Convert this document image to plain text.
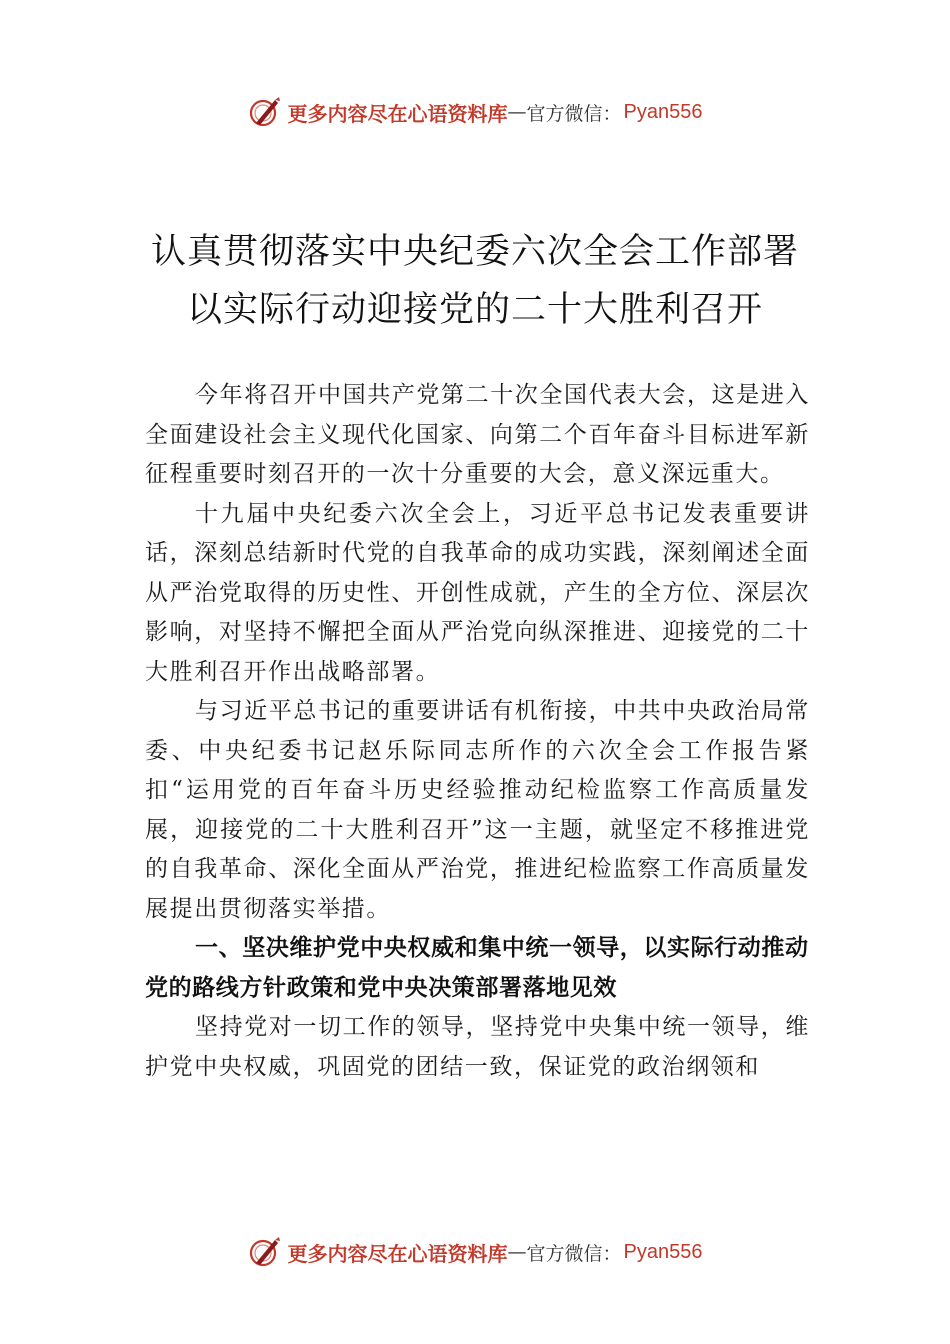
更多内容尽在心语资料库 — 官方微信： Pyan556
认真贯彻落实中央纪委六次全会工作部署
以实际行动迎接党的二十大胜利召开

今年将召开中国共产党第二十次全国代表大会，这是进入全面建设社会主义现代化国家、向第二个百年奋斗目标进军新征程重要时刻召开的一次十分重要的大会，意义深远重大。

十九届中央纪委六次全会上，习近平总书记发表重要讲话，深刻总结新时代党的自我革命的成功实践，深刻阐述全面从严治党取得的历史性、开创性成就，产生的全方位、深层次影响，对坚持不懈把全面从严治党向纵深推进、迎接党的二十大胜利召开作出战略部署。

与习近平总书记的重要讲话有机衔接，中共中央政治局常委、中央纪委书记赵乐际同志所作的六次全会工作报告紧扣“运用党的百年奋斗历史经验推动纪检监察工作高质量发展，迎接党的二十大胜利召开”这一主题，就坚定不移推进党的自我革命、深化全面从严治党，推进纪检监察工作高质量发展提出贯彻落实举措。

一、坚决维护党中央权威和集中统一领导，以实际行动推动党的路线方针政策和党中央决策部署落地见效

坚持党对一切工作的领导，坚持党中央集中统一领导，维护党中央权威，巩固党的团结一致，保证党的政治纲领和

更多内容尽在心语资料库 — 官方微信： Pyan556
